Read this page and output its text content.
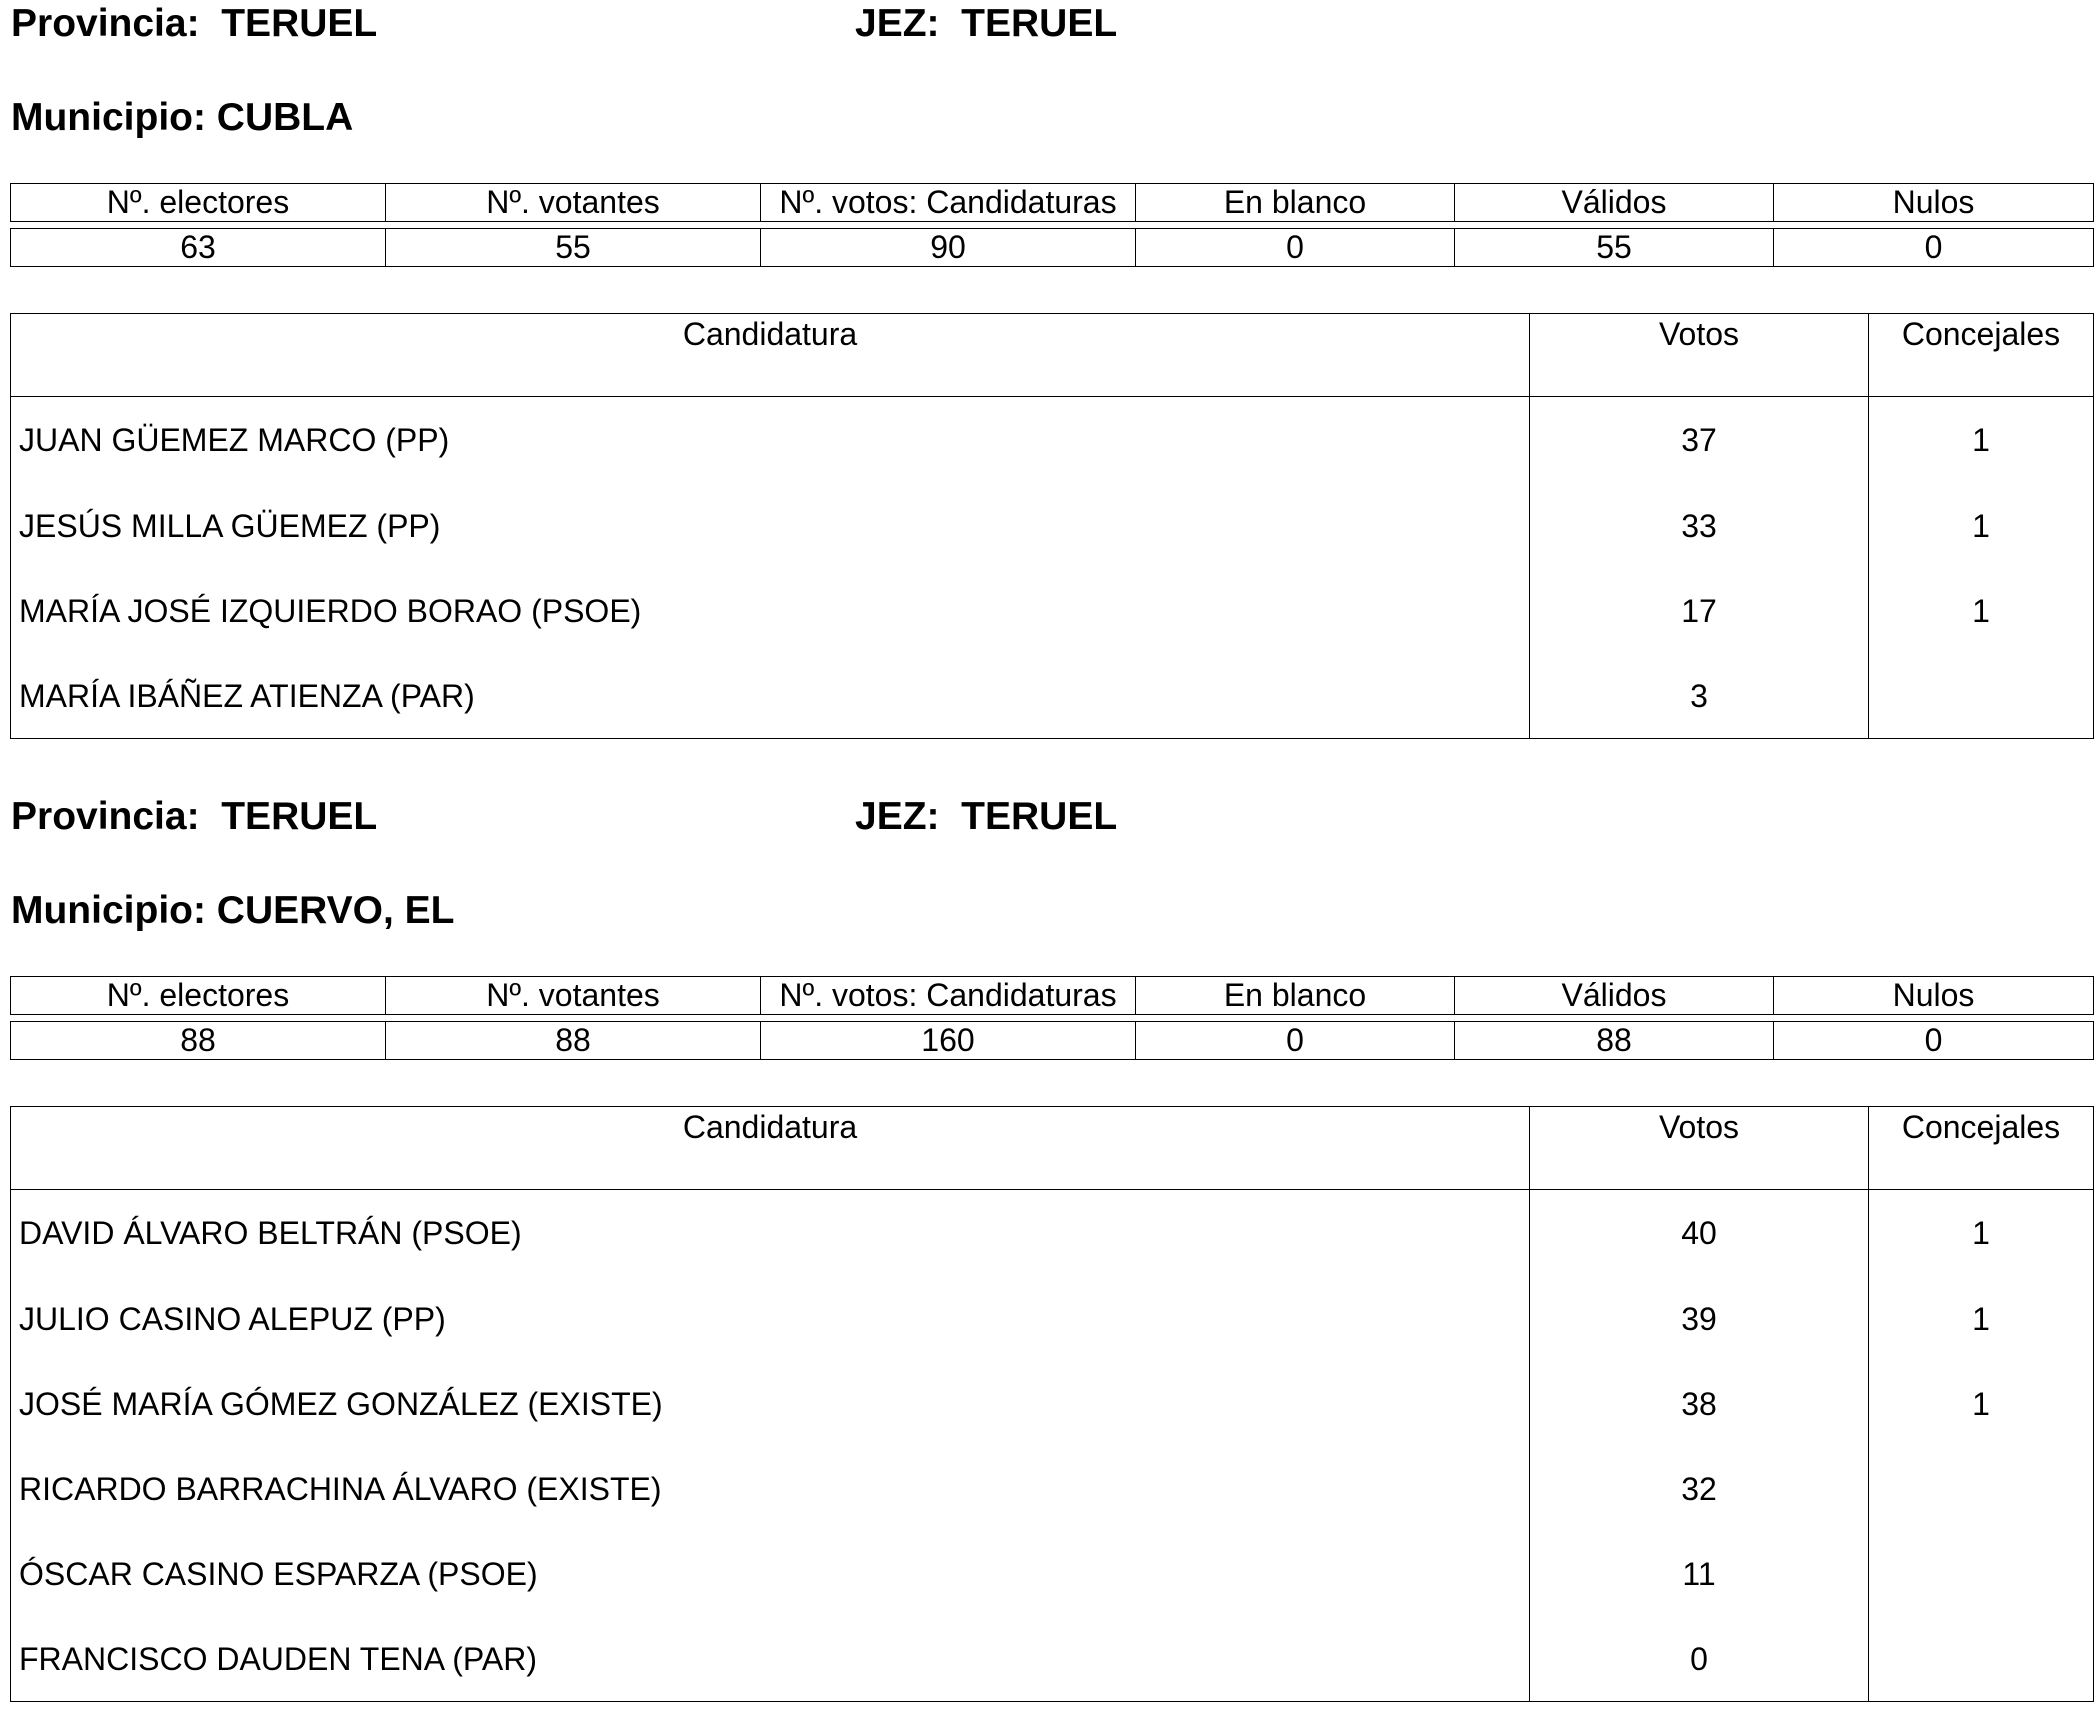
Provincia:  TERUEL	JEZ:  TERUEL
Municipio: CUBLA
Nº. electores	Nº. votantes	Nº. votos: Candidaturas	En blanco	Válidos	Nulos

63	55	90	0	55	0
Candidatura	Votos	Concejales
JUAN GÜEMEZ MARCO (PP)	37	1
JESÚS MILLA GÜEMEZ (PP)	33	1
MARÍA JOSÉ IZQUIERDO BORAO (PSOE)	17	1
MARÍA IBÁÑEZ ATIENZA (PAR)	3	
Provincia:  TERUEL	JEZ:  TERUEL
Municipio: CUERVO, EL
Nº. electores	Nº. votantes	Nº. votos: Candidaturas	En blanco	Válidos	Nulos

88	88	160	0	88	0
Candidatura	Votos	Concejales
DAVID ÁLVARO BELTRÁN (PSOE)	40	1
JULIO CASINO ALEPUZ (PP)	39	1
JOSÉ MARÍA GÓMEZ GONZÁLEZ (EXISTE)	38	1
RICARDO BARRACHINA ÁLVARO (EXISTE)	32	
ÓSCAR CASINO ESPARZA (PSOE)	11	
FRANCISCO DAUDEN TENA (PAR)	0	
